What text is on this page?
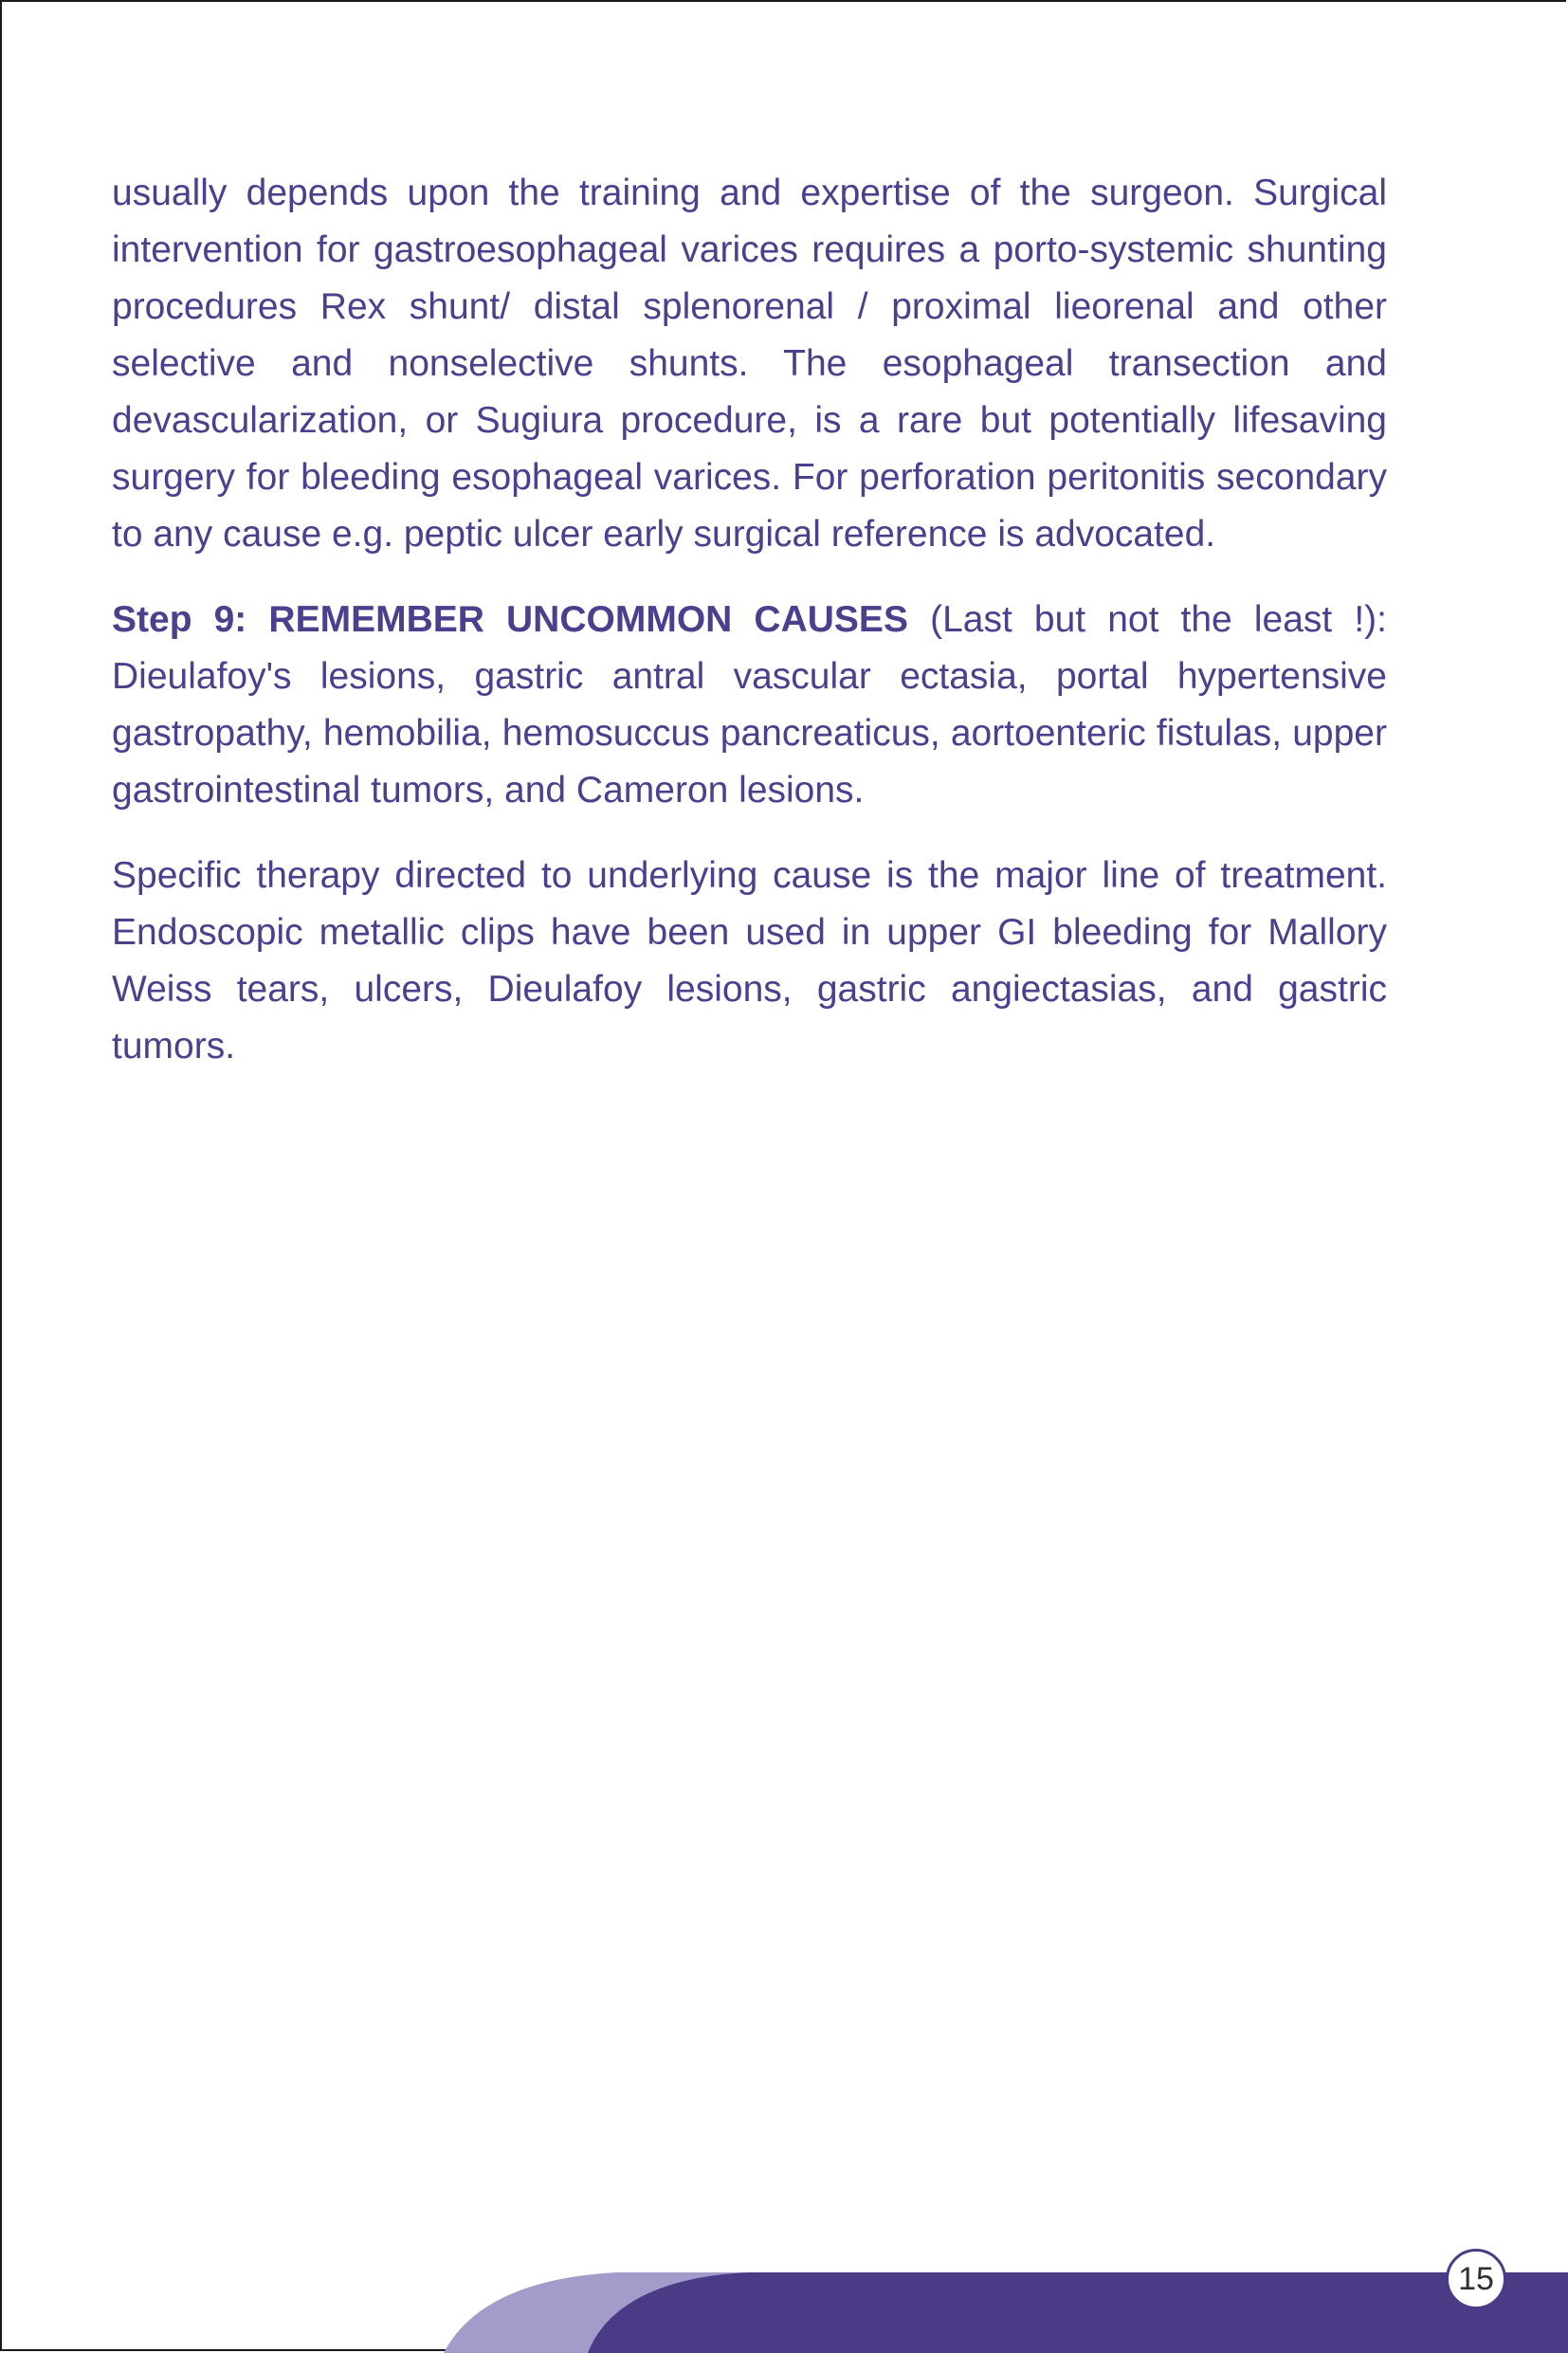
usually depends upon the training and expertise of the surgeon. Surgical intervention for gastroesophageal varices requires a porto-systemic shunting procedures Rex shunt/ distal splenorenal / proximal lieorenal and other selective and nonselective shunts. The esophageal transection and devascularization, or Sugiura procedure, is a rare but potentially lifesaving surgery for bleeding esophageal varices. For perforation peritonitis secondary to any cause e.g. peptic ulcer early surgical reference is advocated.

Step 9: REMEMBER UNCOMMON CAUSES (Last but not the least !): Dieulafoy's lesions, gastric antral vascular ectasia, portal hypertensive gastropathy, hemobilia, hemosuccus pancreaticus, aortoenteric fistulas, upper gastrointestinal tumors, and Cameron lesions.

Specific therapy directed to underlying cause is the major line of treatment. Endoscopic metallic clips have been used in upper GI bleeding for Mallory Weiss tears, ulcers, Dieulafoy lesions, gastric angiectasias, and gastric tumors.

15
